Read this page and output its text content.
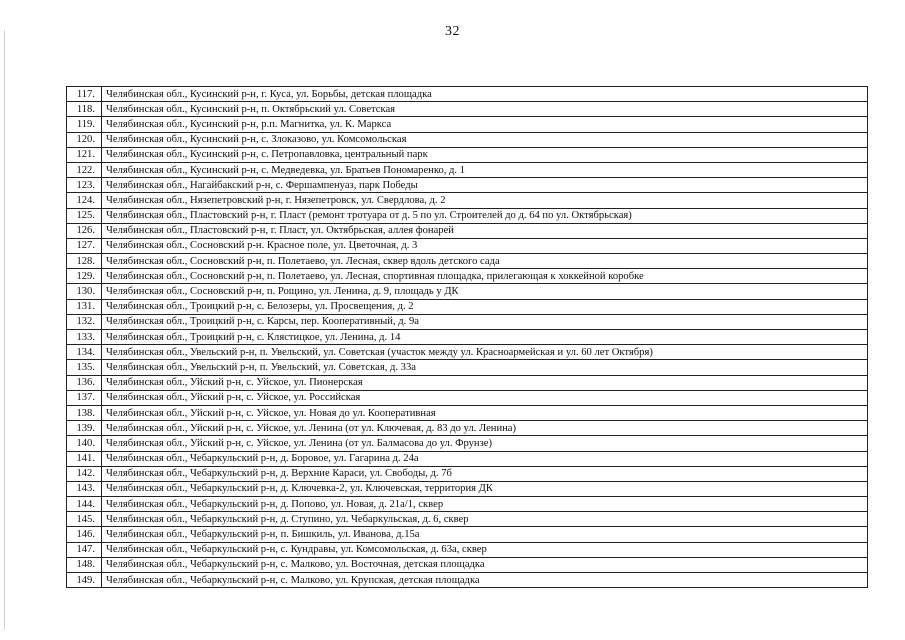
32
117.	Челябинская обл., Кусинский р-н, г. Куса, ул. Борьбы, детская площадка
118.	Челябинская обл., Кусинский р-н, п. Октябрьский ул. Советская
119.	Челябинская обл., Кусинский р-н, р.п. Магнитка, ул. К. Маркса
120.	Челябинская обл., Кусинский р-н, с. Злоказово, ул. Комсомольская
121.	Челябинская обл., Кусинский р-н, с. Петропавловка, центральный парк
122.	Челябинская обл., Кусинский р-н, с. Медведевка, ул. Братьев Пономаренко, д. 1
123.	Челябинская обл., Нагайбакский р-н, с. Фершампенуаз, парк Победы
124.	Челябинская обл., Нязепетровский р-н, г. Нязепетровск, ул. Свердлова, д. 2
125.	Челябинская обл., Пластовский р-н, г. Пласт (ремонт тротуара от д. 5 по ул. Строителей до д. 64 по ул. Октябрьская)
126.	Челябинская обл., Пластовский р-н, г. Пласт, ул. Октябрьская, аллея фонарей
127.	Челябинская обл., Сосновский р-н. Красное поле, ул. Цветочная, д. 3
128.	Челябинская обл., Сосновский р-н, п. Полетаево, ул. Лесная, сквер вдоль детского сада
129.	Челябинская обл., Сосновский р-н, п. Полетаево, ул. Лесная, спортивная площадка, прилегающая к хоккейной коробке
130.	Челябинская обл., Сосновский р-н, п. Рощино, ул. Ленина, д. 9, площадь у ДК
131.	Челябинская обл., Троицкий р-н, с. Белозеры, ул. Просвещения, д. 2
132.	Челябинская обл., Троицкий р-н, с. Карсы, пер. Кооперативный, д. 9а
133.	Челябинская обл., Троицкий р-н, с. Клястицкое, ул. Ленина, д. 14
134.	Челябинская обл., Увельский р-н, п. Увельский, ул. Советская (участок между ул. Красноармейская и ул. 60 лет Октября)
135.	Челябинская обл., Увельский р-н, п. Увельский, ул. Советская, д. 33а
136.	Челябинская обл., Уйский р-н, с. Уйское, ул. Пионерская
137.	Челябинская обл., Уйский р-н, с. Уйское, ул. Российская
138.	Челябинская обл., Уйский р-н, с. Уйское, ул. Новая до ул. Кооперативная
139.	Челябинская обл., Уйский р-н, с. Уйское, ул. Ленина (от ул. Ключевая, д. 83 до ул. Ленина)
140.	Челябинская обл., Уйский р-н, с. Уйское, ул. Ленина (от ул. Балмасова до ул. Фрунзе)
141.	Челябинская обл., Чебаркульский р-н, д. Боровое, ул. Гагарина д. 24а
142.	Челябинская обл., Чебаркульский р-н, д. Верхние Караси, ул. Свободы, д. 7б
143.	Челябинская обл., Чебаркульский р-н, д. Ключевка-2, ул. Ключевская, территория ДК
144.	Челябинская обл., Чебаркульский р-н, д. Попово, ул. Новая, д. 21а/1, сквер
145.	Челябинская обл., Чебаркульский р-н, д. Ступино, ул. Чебаркульская, д. 6, сквер
146.	Челябинская обл., Чебаркульский р-н, п. Бишкиль, ул. Иванова, д.15а
147.	Челябинская обл., Чебаркульский р-н, с. Кундравы, ул. Комсомольская, д. 63а, сквер
148.	Челябинская обл., Чебаркульский р-н, с. Малково, ул. Восточная, детская площадка
149.	Челябинская обл., Чебаркульский р-н, с. Малково, ул. Крупская, детская площадка
